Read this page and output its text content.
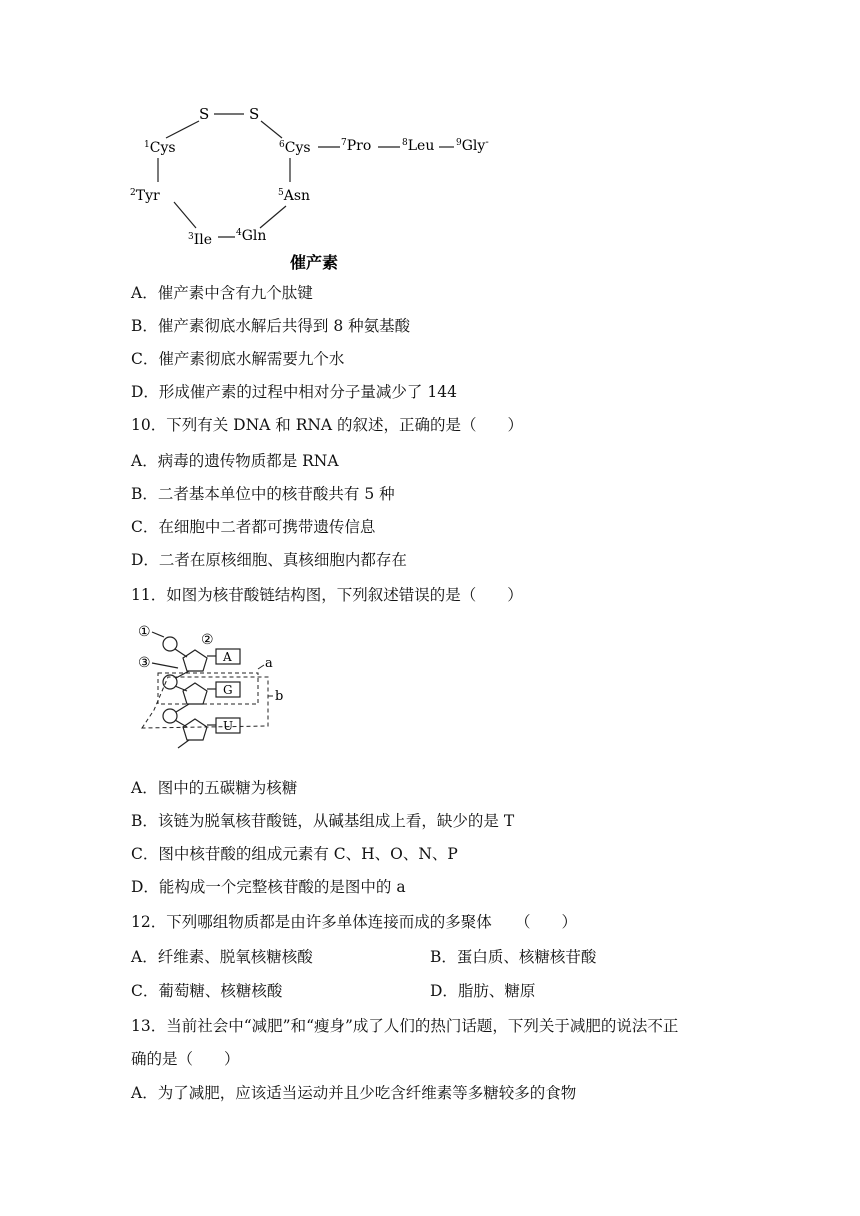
S	S
$^1$Cys
$^2$Tyr
$^3$Ile	$^4$Gln
$^5$Asn
$^6$Cys	$^7$Pro	$^8$Leu $^9$Gly-
催产素
A．催产素中含有九个肽键
B．催产素彻底水解后共得到 8 种氨基酸
C．催产素彻底水解需要九个水
D．形成催产素的过程中相对分子量减少了 144
10．下列有关 DNA 和 RNA 的叙述，正确的是（　　）
A．病毒的遗传物质都是 RNA
B．二者基本单位中的核苷酸共有 5 种
C．在细胞中二者都可携带遗传信息
D．二者在原核细胞、真核细胞内都存在
11．如图为核苷酸链结构图，下列叙述错误的是（　　）
①	②
③	A
G
U
a
b
A．图中的五碳糖为核糖
B．该链为脱氧核苷酸链，从碱基组成上看，缺少的是 T
C．图中核苷酸的组成元素有 C、H、O、N、P
D．能构成一个完整核苷酸的是图中的 a
12．下列哪组物质都是由许多单体连接而成的多聚体　　（　　）
A．纤维素、脱氧核糖核酸	B．蛋白质、核糖核苷酸
C．葡萄糖、核糖核酸	D．脂肪、糖原
13．当前社会中“减肥”和“瘦身”成了人们的热门话题，下列关于减肥的说法不正
确的是（　　）
A．为了减肥，应该适当运动并且少吃含纤维素等多糖较多的食物
